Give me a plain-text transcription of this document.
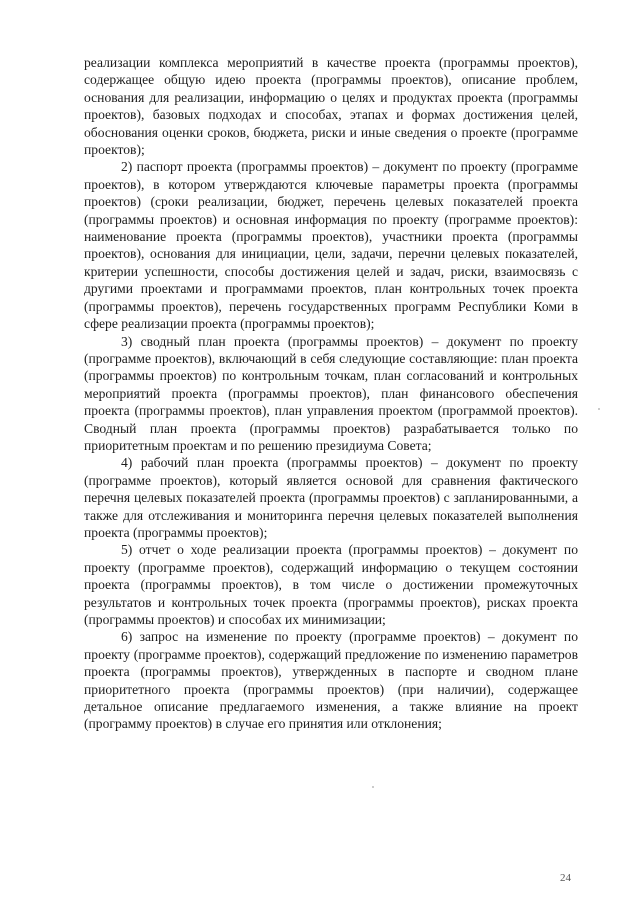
реализации комплекса мероприятий в качестве проекта (программы проектов), содержащее общую идею проекта (программы проектов), описание проблем, основания для реализации, информацию о целях и продуктах проекта (программы проектов), базовых подходах и способах, этапах и формах достижения целей, обоснования оценки сроков, бюджета, риски и иные сведения о проекте (программе проектов);

2) паспорт проекта (программы проектов) – документ по проекту (программе проектов), в котором утверждаются ключевые параметры проекта (программы проектов) (сроки реализации, бюджет, перечень целевых показателей проекта (программы проектов) и основная информация по проекту (программе проектов): наименование проекта (программы проектов), участники проекта (программы проектов), основания для инициации, цели, задачи, перечни целевых показателей, критерии успешности, способы достижения целей и задач, риски, взаимосвязь с другими проектами и программами проектов, план контрольных точек проекта (программы проектов), перечень государственных программ Республики Коми в сфере реализации проекта (программы проектов);

3) сводный план проекта (программы проектов) – документ по проекту (программе проектов), включающий в себя следующие составляющие: план проекта (программы проектов) по контрольным точкам, план согласований и контрольных мероприятий проекта (программы проектов), план финансового обеспечения проекта (программы проектов), план управления проектом (программой проектов). Сводный план проекта (программы проектов) разрабатывается только по приоритетным проектам и по решению президиума Совета;

4) рабочий план проекта (программы проектов) – документ по проекту (программе проектов), который является основой для сравнения фактического перечня целевых показателей проекта (программы проектов) с запланированными, а также для отслеживания и мониторинга перечня целевых показателей выполнения проекта (программы проектов);

5) отчет о ходе реализации проекта (программы проектов) – документ по проекту (программе проектов), содержащий информацию о текущем состоянии проекта (программы проектов), в том числе о достижении промежуточных результатов и контрольных точек проекта (программы проектов), рисках проекта (программы проектов) и способах их минимизации;

6) запрос на изменение по проекту (программе проектов) – документ по проекту (программе проектов), содержащий предложение по изменению параметров проекта (программы проектов), утвержденных в паспорте и сводном плане приоритетного проекта (программы проектов) (при наличии), содержащее детальное описание предлагаемого изменения, а также влияние на проект (программу проектов) в случае его принятия или отклонения;

24
